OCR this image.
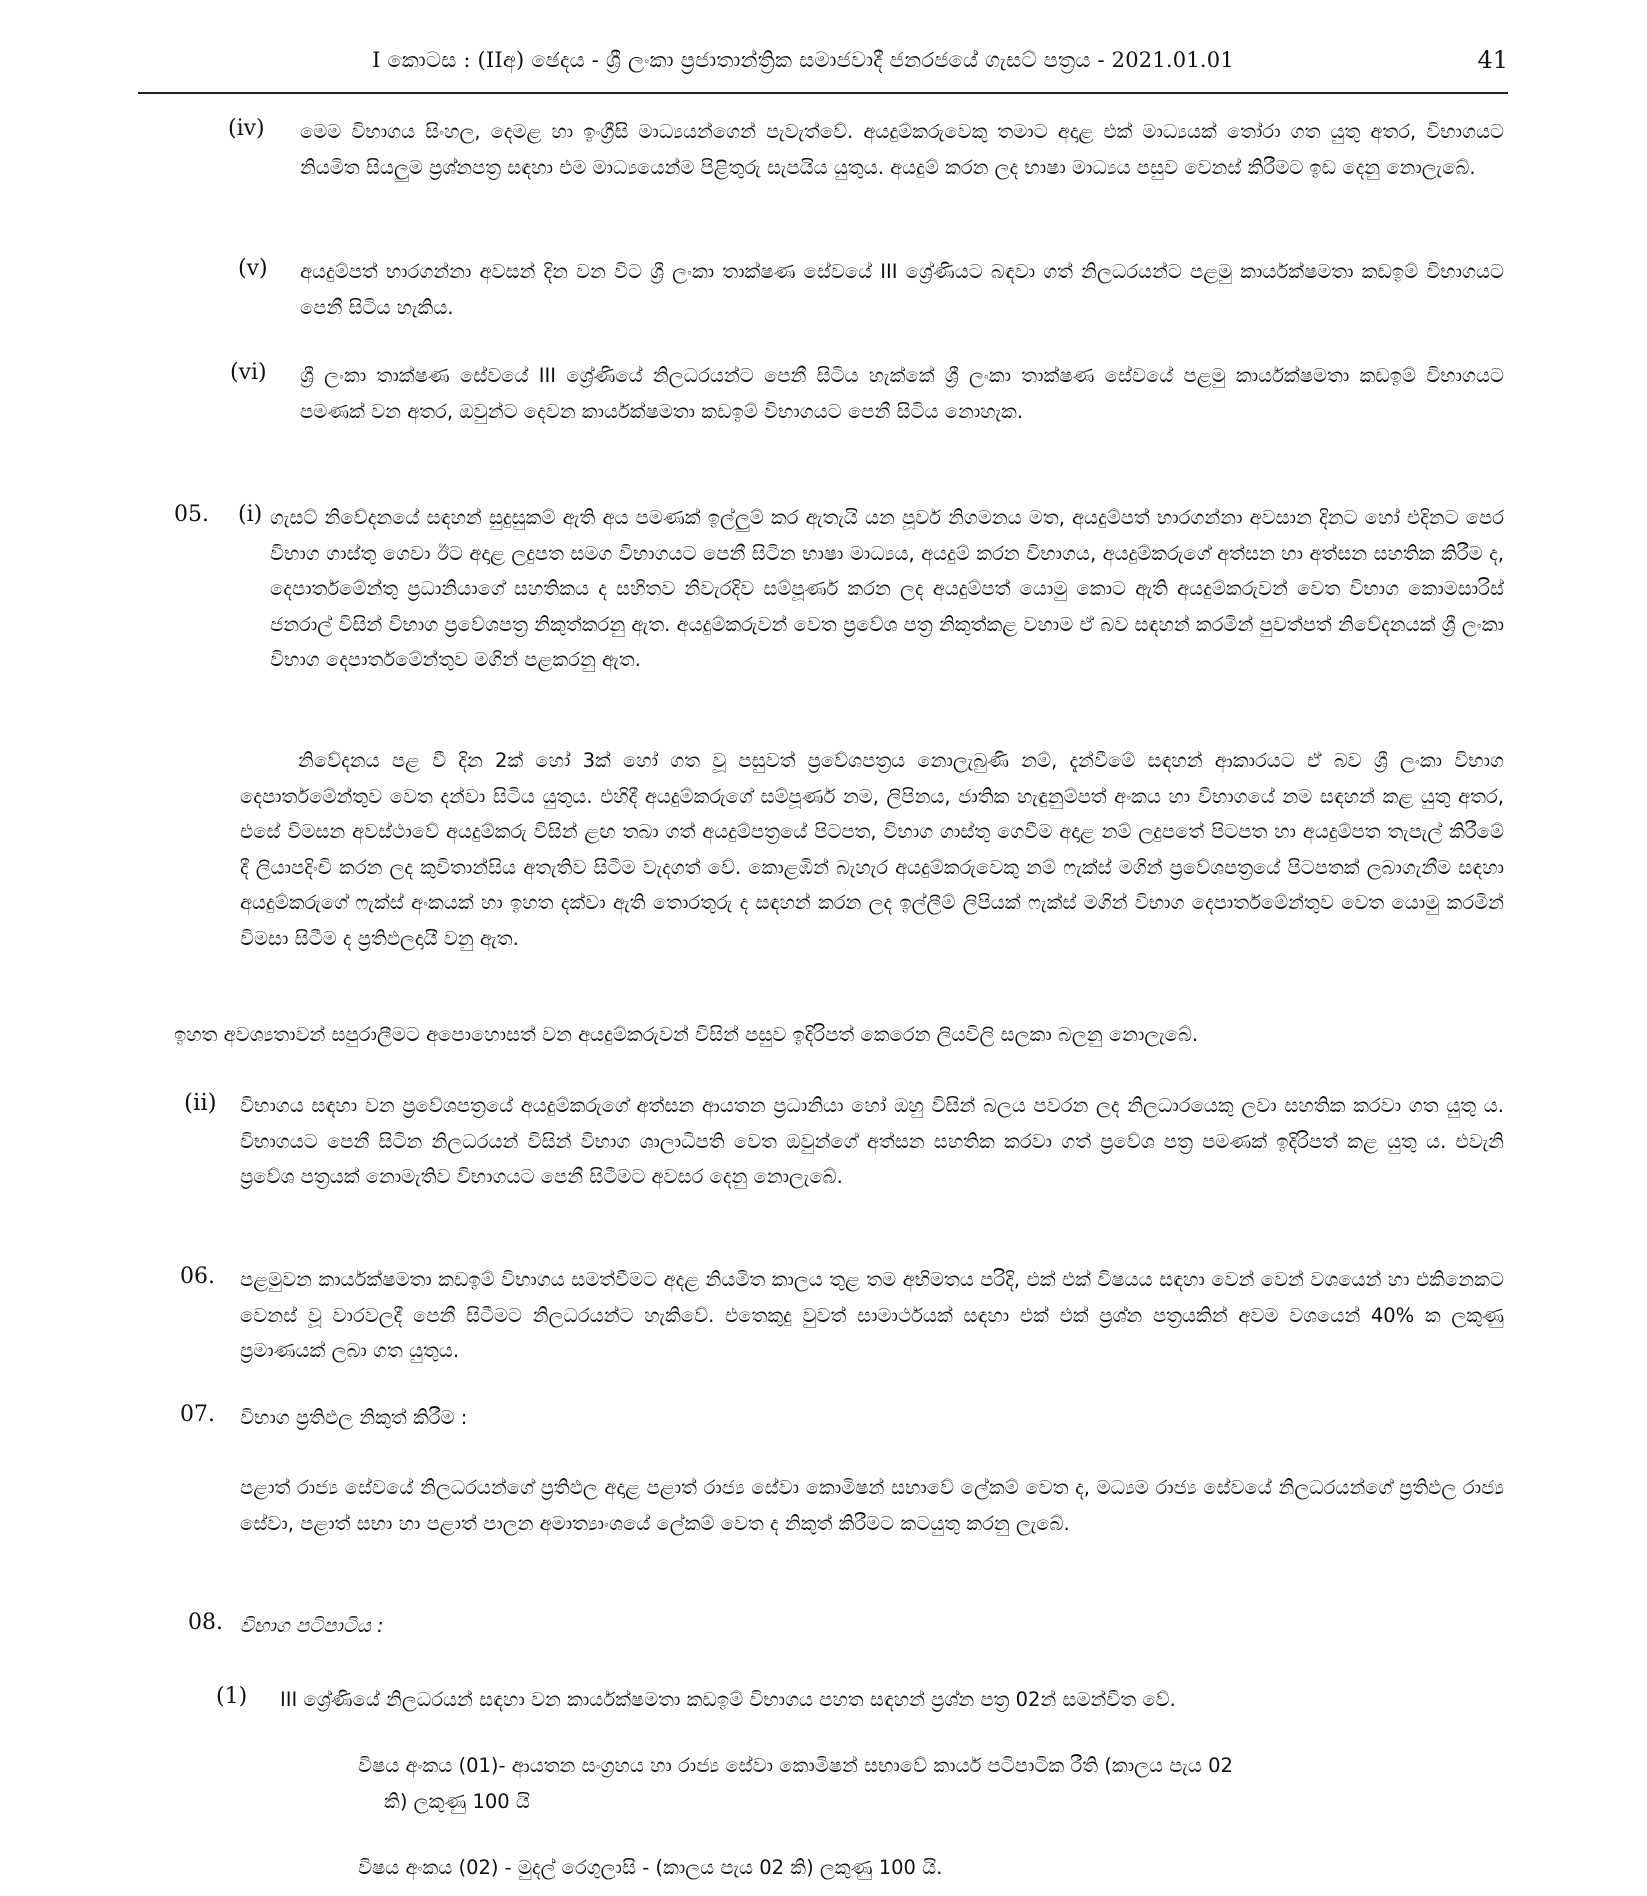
I කොටස : (IIඅ) ඡෙදය - ශ්‍රී ලංකා ප්‍රජාතාන්ත්‍රික සමාජවාදී ජනරජයේ ගැසට් පත්‍රය - 2021.01.01	41
(iv) මෙම විභාගය සිංහල, දෙමළ හා ඉංග්‍රීසි මාධ්‍යයන්ගෙන් පැවැත්වේ. අයදුම්කරුවෙකු තමාට අදාළ එක් මාධ්‍යයක් තෝරා ගත යුතු අතර, විභාගයට නියමිත සියලුම ප්‍රශ්නපත්‍ර සඳහා එම මාධ්‍යයෙන්ම පිළිතුරු සැපයිය යුතුය. අයදුම් කරන ලද භාෂා මාධ්‍යය පසුව වෙනස් කිරීමට ඉඩ දෙනු නොලැබේ.
(v) අයදුම්පත් භාරගන්නා අවසන් දින වන විට ශ්‍රී ලංකා තාක්ෂණ සේවයේ III ශ්‍රේණියට බඳවා ගත් නිලධරයන්ට පළමු කාර්යක්ෂමතා කඩඉම් විභාගයට පෙනී සිටිය හැකිය.
(vi) ශ්‍රී ලංකා තාක්ෂණ සේවයේ III ශ්‍රේණියේ නිලධරයන්ට පෙනී සිටිය හැක්කේ ශ්‍රී ලංකා තාක්ෂණ සේවයේ පළමු කාර්යක්ෂමතා කඩඉම් විභාගයට පමණක් වන අතර, ඔවුන්ට දෙවන කාර්යක්ෂමතා කඩඉම් විභාගයට පෙනී සිටිය නොහැක.
05. (i) ගැසට් නිවේදනයේ සඳහන් සුදුසුකම් ඇති අය පමණක් ඉල්ලුම් කර ඇතැයි යන පූර්ව නිගමනය මත, අයදුම්පත් භාරගන්නා අවසාන දිනට හෝ එදිනට පෙර විභාග ගාස්තු ගෙවා ඊට අදාළ ලදුපත සමග විභාගයට පෙනී සිටින භාෂා මාධ්‍යය, අයදුම් කරන විභාගය, අයදුම්කරුගේ අත්සන හා අත්සන සහතික කිරීම ද, දෙපාර්තමේන්තු ප්‍රධානියාගේ සහතිකය ද සහිතව නිවැරදිව සම්පූර්ණ කරන ලද අයදුම්පත් යොමු කොට ඇති අයදුම්කරුවන් වෙත විභාග කොමසාරිස් ජනරාල් විසින් විභාග ප්‍රවේශපත්‍ර නිකුත්කරනු ඇත. අයදුම්කරුවන් වෙත ප්‍රවේශ පත්‍ර නිකුත්කළ වහාම ඒ බව සඳහන් කරමින් පුවත්පත් නිවේදනයක් ශ්‍රී ලංකා විභාග දෙපාර්තමේන්තුව මගින් පළකරනු ඇත.
නිවේදනය පළ වී දින 2ක් හෝ 3ක් හෝ ගත වූ පසුවත් ප්‍රවේශපත්‍රය නොලැබුණි නම්, දැන්වීමේ සඳහන් ආකාරයට ඒ බව ශ්‍රී ලංකා විභාග දෙපාර්තමේන්තුව වෙත දන්වා සිටිය යුතුය. එහිදී අයදුම්කරුගේ සම්පූර්ණ නම, ලිපිනය, ජාතික හැඳුනුම්පත් අංකය හා විභාගයේ නම සඳහන් කළ යුතු අතර, එසේ විමසන අවස්ථාවේ අයදුම්කරු විසින් ළඟ තබා ගත් අයදුම්පත්‍රයේ පිටපත, විභාග ගාස්තු ගෙවීම අදාළ නම් ලදුපතේ පිටපත හා අයදුම්පත තැපැල් කිරීමේ දී ලියාපදිංචි කරන ලද කුවිතාන්සිය අතැතිව සිටීම වැදගත් වේ. කොළඹින් බැහැර අයදුම්කරුවෙකු නම් ෆැක්ස් මගින් ප්‍රවේශපත්‍රයේ පිටපතක් ලබාගැනීම සඳහා අයදුම්කරුගේ ෆැක්ස් අංකයක් හා ඉහත දක්වා ඇති තොරතුරු ද සඳහන් කරන ලද ඉල්ලීම් ලිපියක් ෆැක්ස් මගින් විභාග දෙපාර්තමේන්තුව වෙත යොමු කරමින් විමසා සිටීම ද ප්‍රතිඵලදායී වනු ඇත.
ඉහත අවශ්‍යතාවන් සපුරාලීමට අපොහොසත් වන අයදුම්කරුවන් විසින් පසුව ඉදිරිපත් කෙරෙන ලියවිලි සලකා බලනු නොලැබේ.
(ii) විභාගය සඳහා වන ප්‍රවේශපත්‍රයේ අයදුම්කරුගේ අත්සන ආයතන ප්‍රධානියා හෝ ඔහු විසින් බලය පවරන ලද නිලධාරයෙකු ලවා සහතික කරවා ගත යුතු ය. විභාගයට පෙනී සිටින නිලධරයන් විසින් විභාග ශාලාධිපති වෙත ඔවුන්ගේ අත්සන සහතික කරවා ගත් ප්‍රවේශ පත්‍ර පමණක් ඉදිරිපත් කළ යුතු ය. එවැනි ප්‍රවේශ පත්‍රයක් නොමැතිව විභාගයට පෙනී සිටීමට අවසර දෙනු නොලැබේ.
06. පළමුවන කාර්යක්ෂමතා කඩඉම් විභාගය සමත්වීමට අදළ නියමිත කාලය තුළ තම අභිමතය පරිදි, එක් එක් විෂයය සඳහා වෙන් වෙන් වශයෙන් හා එකිනෙකට වෙනස් වූ වාරවලදී පෙනී සිටීමට නිලධරයන්ට හැකිවේ. එතෙකුදු වුවත් සාමාර්ථයක් සඳහා එක් එක් ප්‍රශ්න පත්‍රයකින් අවම වශයෙන් 40% ක ලකුණු ප්‍රමාණයක් ලබා ගත යුතුය.
07. විභාග ප්‍රතිඵල නිකුත් කිරීම :
පළාත් රාජ්‍ය සේවයේ නිලධරයන්ගේ ප්‍රතිඵල අදාළ පළාත් රාජ්‍ය සේවා කොමිෂන් සභාවේ ලේකම් වෙත ද, මධ්‍යම රාජ්‍ය සේවයේ නිලධරයන්ගේ ප්‍රතිඵල රාජ්‍ය සේවා, පළාත් සභා හා පළාත් පාලන අමාත්‍යාංශයේ ලේකම් වෙත ද නිකුත් කිරීමට කටයුතු කරනු ලැබේ.
08. විභාග පටිපාටිය :
(1) III ශ්‍රේණියේ නිලධරයන් සඳහා වන කාර්යක්ෂමතා කඩඉම් විභාගය පහත සඳහන් ප්‍රශ්න පත්‍ර 02න් සමන්විත වේ.
විෂය අංකය (01)- ආයතන සංග්‍රහය හා රාජ්‍ය සේවා කොමිෂන් සභාවේ කාර්ය පටිපාටික රීති (කාලය පැය 02
කි) ලකුණු 100 යි
විෂය අංකය (02) - මුදල් රෙගුලාසි - (කාලය පැය 02 කි) ලකුණු 100 යි.
